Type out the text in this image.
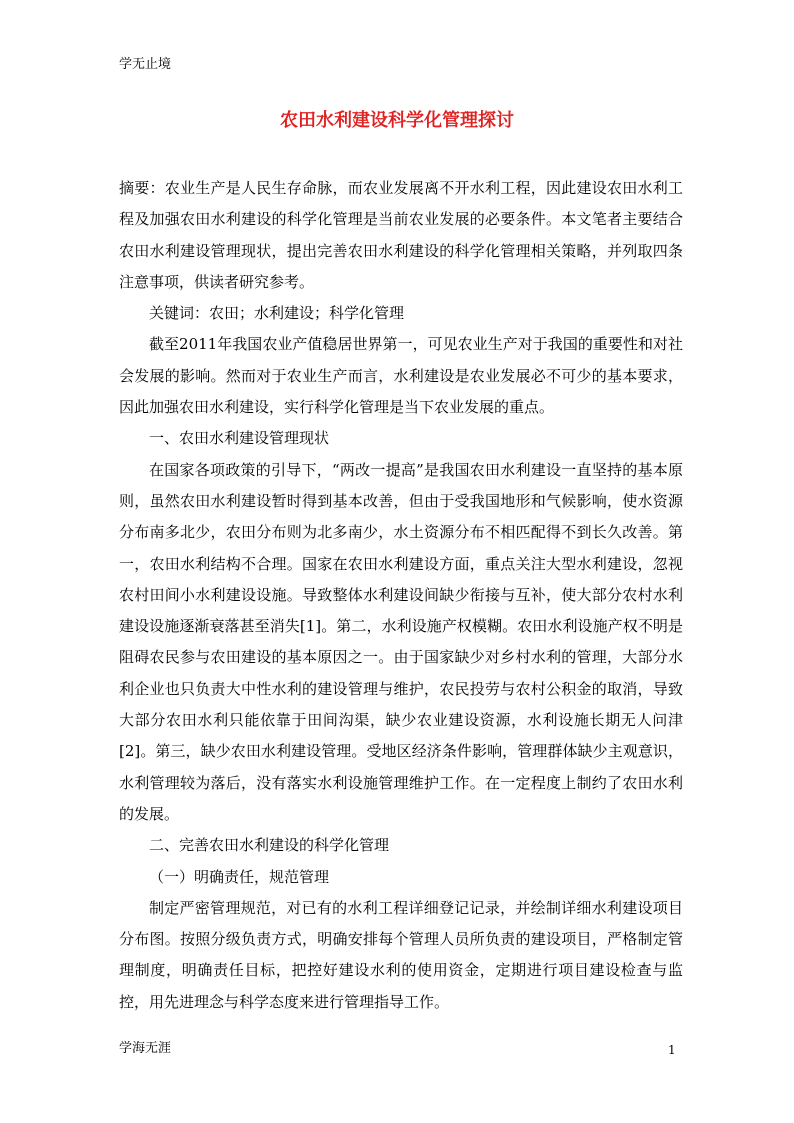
学无止境
农田水利建设科学化管理探讨

摘要：农业生产是人民生存命脉，而农业发展离不开水利工程，因此建设农田水利工程及加强农田水利建设的科学化管理是当前农业发展的必要条件。本文笔者主要结合农田水利建设管理现状，提出完善农田水利建设的科学化管理相关策略，并列取四条注意事项，供读者研究参考。

关键词：农田；水利建设；科学化管理

截至2011年我国农业产值稳居世界第一，可见农业生产对于我国的重要性和对社会发展的影响。然而对于农业生产而言，水利建设是农业发展必不可少的基本要求，因此加强农田水利建设，实行科学化管理是当下农业发展的重点。

一、农田水利建设管理现状

在国家各项政策的引导下，“两改一提高”是我国农田水利建设一直坚持的基本原则，虽然农田水利建设暂时得到基本改善，但由于受我国地形和气候影响，使水资源分布南多北少，农田分布则为北多南少，水土资源分布不相匹配得不到长久改善。第一，农田水利结构不合理。国家在农田水利建设方面，重点关注大型水利建设，忽视农村田间小水利建设设施。导致整体水利建设间缺少衔接与互补，使大部分农村水利建设设施逐渐衰落甚至消失[1]。第二，水利设施产权模糊。农田水利设施产权不明是阻碍农民参与农田建设的基本原因之一。由于国家缺少对乡村水利的管理，大部分水利企业也只负责大中性水利的建设管理与维护，农民投劳与农村公积金的取消，导致大部分农田水利只能依靠于田间沟渠，缺少农业建设资源，水利设施长期无人问津[2]。第三，缺少农田水利建设管理。受地区经济条件影响，管理群体缺少主观意识，水利管理较为落后，没有落实水利设施管理维护工作。在一定程度上制约了农田水利的发展。

二、完善农田水利建设的科学化管理

（一）明确责任，规范管理

制定严密管理规范，对已有的水利工程详细登记记录，并绘制详细水利建设项目分布图。按照分级负责方式，明确安排每个管理人员所负责的建设项目，严格制定管理制度，明确责任目标，把控好建设水利的使用资金，定期进行项目建设检查与监控，用先进理念与科学态度来进行管理指导工作。

学海无涯	1
